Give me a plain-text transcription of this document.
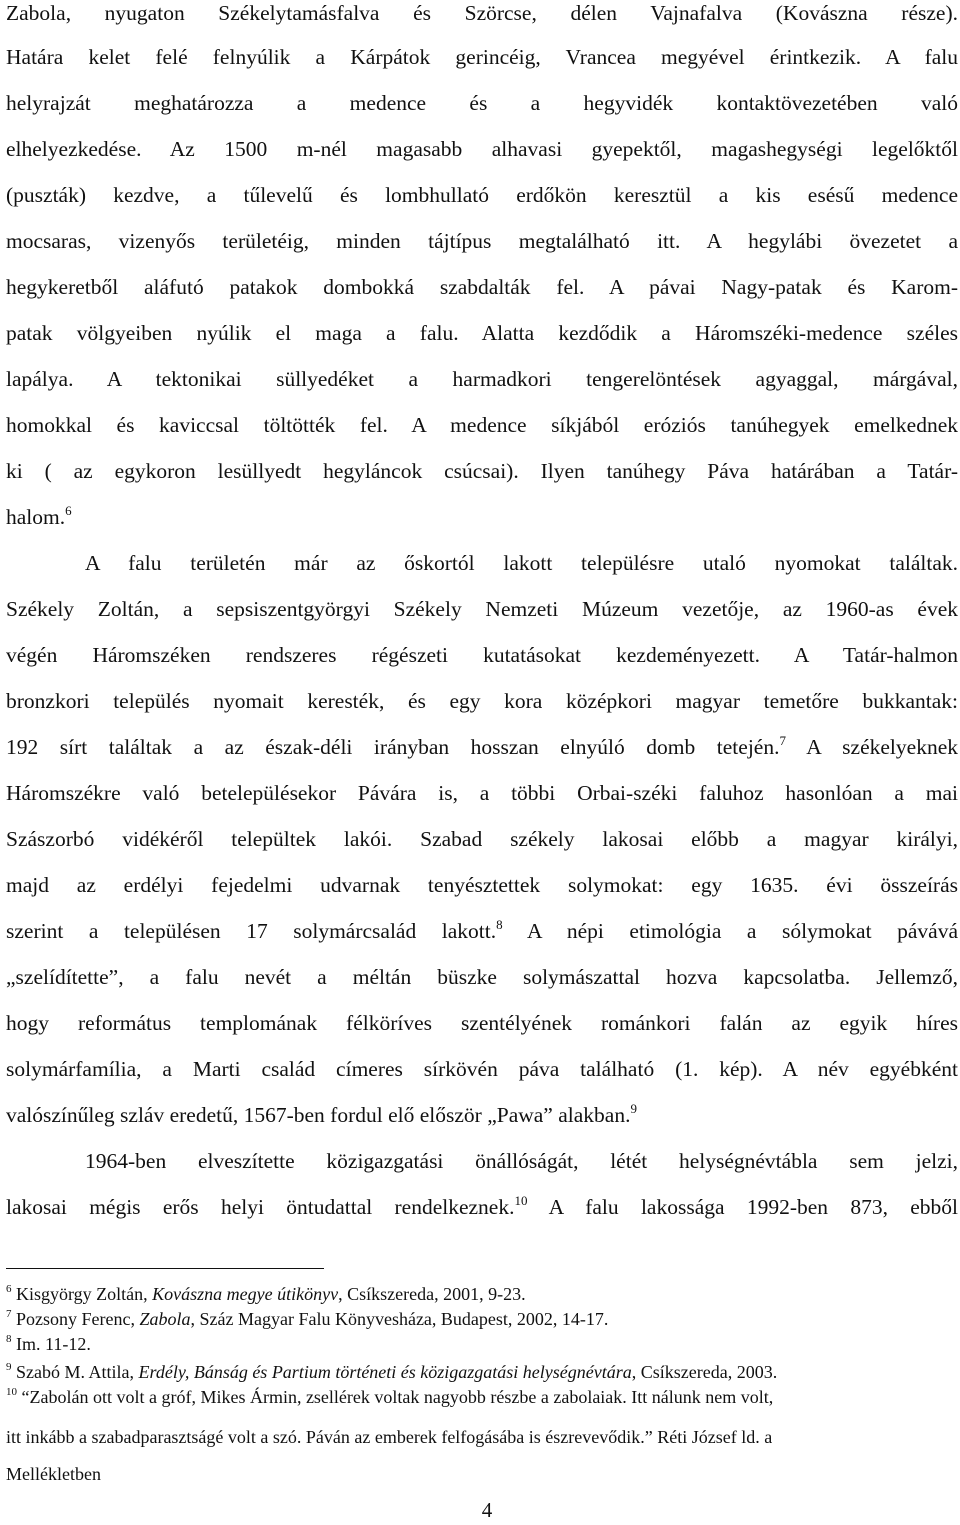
Zabola, nyugaton Székelytamásfalva és Szörcse, délen Vajnafalva (Kovászna része).
Határa kelet felé felnyúlik a Kárpátok gerincéig, Vrancea megyével érintkezik. A falu
helyrajzát meghatározza a medence és a hegyvidék kontaktövezetében való
elhelyezkedése. Az 1500 m-nél magasabb alhavasi gyepektől, magashegységi legelőktől
(puszták) kezdve, a tűlevelű és lombhullató erdőkön keresztül a kis esésű medence
mocsaras, vizenyős területéig, minden tájtípus megtalálható itt. A hegylábi övezetet a
hegykeretből aláfutó patakok dombokká szabdalták fel. A pávai Nagy-patak és Karom-
patak völgyeiben nyúlik el maga a falu. Alatta kezdődik a Háromszéki-medence széles
lapálya. A tektonikai süllyedéket a harmadkori tengerelöntések agyaggal, márgával,
homokkal és kaviccsal töltötték fel. A medence síkjából eróziós tanúhegyek emelkednek
ki ( az egykoron lesüllyedt hegyláncok csúcsai). Ilyen tanúhegy Páva határában a Tatár-
halom.$^6$
A falu területén már az őskortól lakott településre utaló nyomokat találtak.
Székely Zoltán, a sepsiszentgyörgyi Székely Nemzeti Múzeum vezetője, az 1960-as évek
végén Háromszéken rendszeres régészeti kutatásokat kezdeményezett. A Tatár-halmon
bronzkori település nyomait keresték, és egy kora középkori magyar temetőre bukkantak:
192 sírt találtak a az észak-déli irányban hosszan elnyúló domb tetején.$^7$ A székelyeknek
Háromszékre való betelepülésekor Pávára is, a többi Orbai-széki faluhoz hasonlóan a mai
Szászorbó vidékéről települtek lakói. Szabad székely lakosai előbb a magyar királyi,
majd az erdélyi fejedelmi udvarnak tenyésztettek solymokat: egy 1635. évi összeírás
szerint a településen 17 solymárcsalád lakott.$^8$ A népi etimológia a sólymokat pávává
„szelídítette”, a falu nevét a méltán büszke solymászattal hozva kapcsolatba. Jellemző,
hogy református templomának félköríves szentélyének románkori falán az egyik híres
solymárfamília, a Marti család címeres sírkövén páva található (1. kép). A név egyébként
valószínűleg szláv eredetű, 1567-ben fordul elő először „Pawa” alakban.$^9$
1964-ben elveszítette közigazgatási önállóságát, létét helységnévtábla sem jelzi,
lakosai mégis erős helyi öntudattal rendelkeznek.$^{10}$ A falu lakossága 1992-ben 873, ebből
$^6$ Kisgyörgy Zoltán, Kovászna megye útikönyv, Csíkszereda, 2001, 9-23.
$^7$ Pozsony Ferenc, Zabola, Száz Magyar Falu Könyvesháza, Budapest, 2002, 14-17.
$^8$ Im. 11-12.
$^9$ Szabó M. Attila, Erdély, Bánság és Partium történeti és közigazgatási helységnévtára, Csíkszereda, 2003.
$^{10}$ “Zabolán ott volt a gróf, Mikes Ármin, zsellérek voltak nagyobb részbe a zabolaiak. Itt nálunk nem volt,
itt inkább a szabadparasztságé volt a szó. Páván az emberek felfogásába is észrevevődik.” Réti József ld. a
Mellékletben
4
